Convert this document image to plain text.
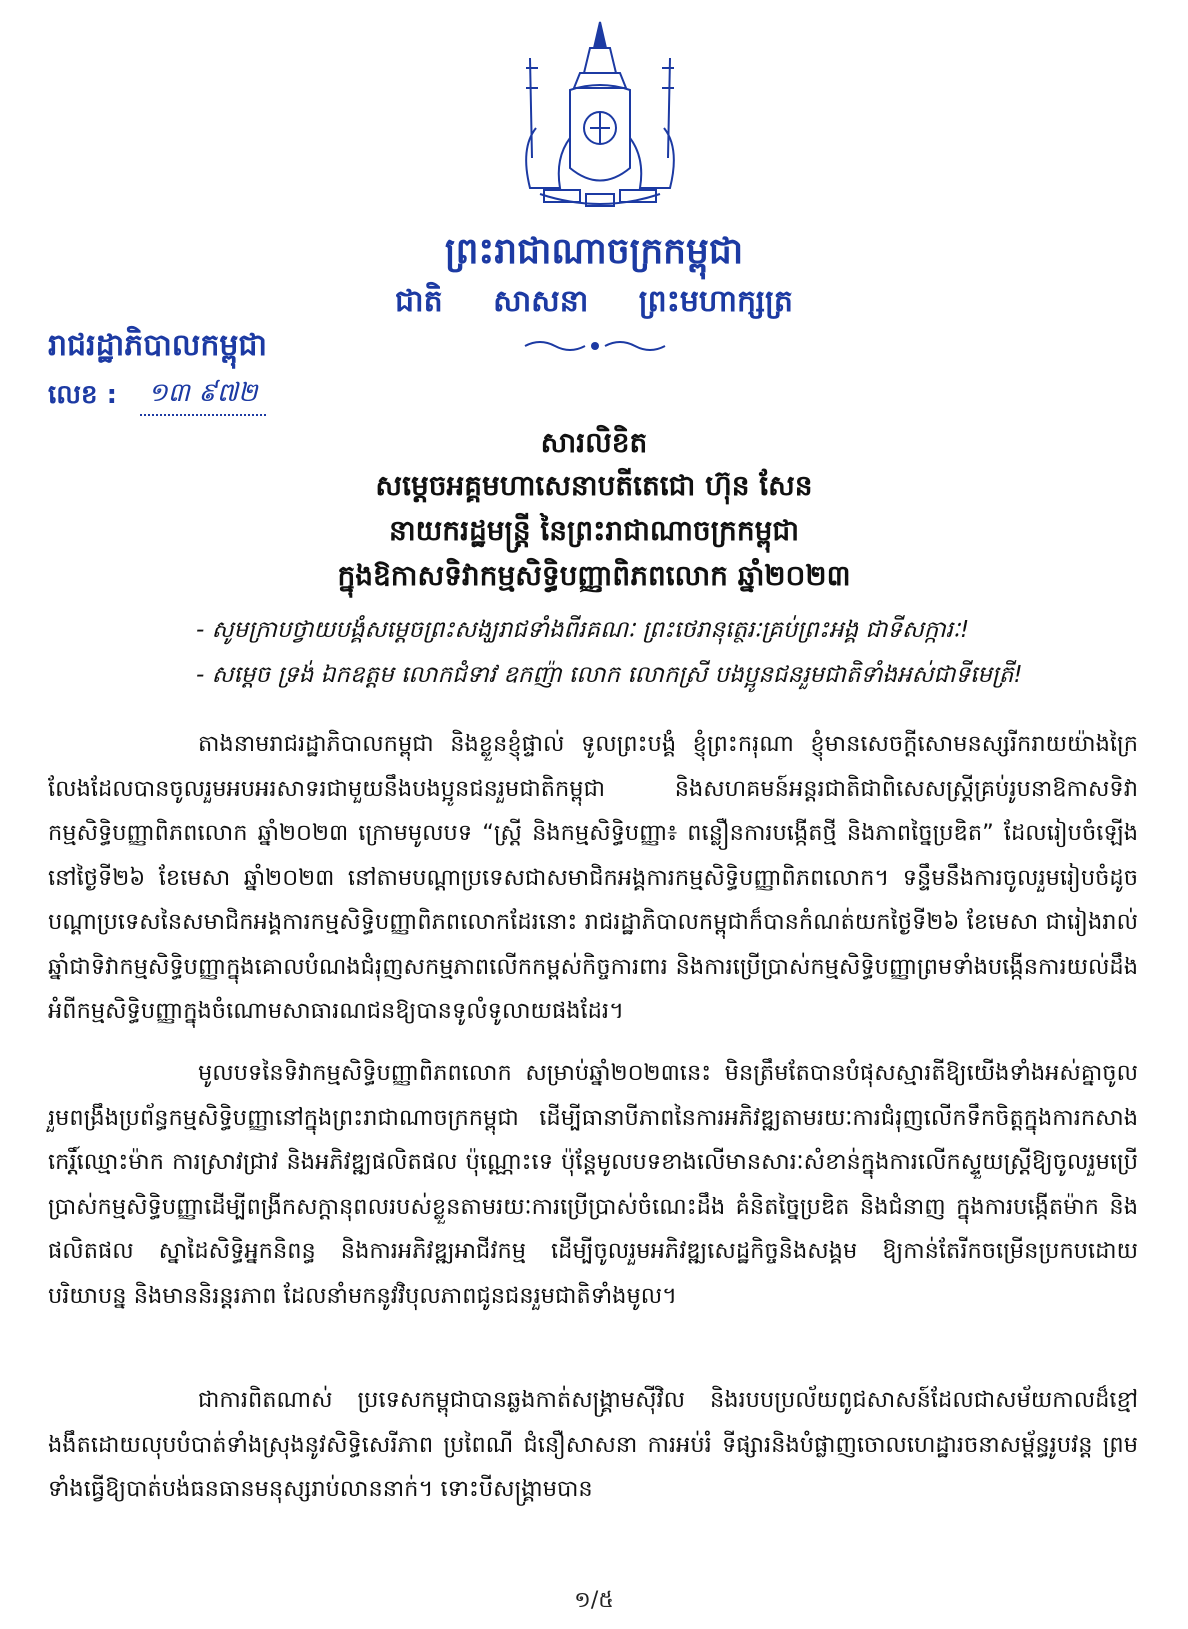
ព្រះរាជាណាចក្រកម្ពុជា
ជាតិ សាសនា ព្រះមហាក្សត្រ
រាជរដ្ឋាភិបាលកម្ពុជា
លេខ :	១៣ ៩៧២
សារលិខិត
សម្តេចអគ្គមហាសេនាបតីតេជោ ហ៊ុន សែន
នាយករដ្ឋមន្ត្រី នៃព្រះរាជាណាចក្រកម្ពុជា
ក្នុងឱកាសទិវាកម្មសិទ្ធិបញ្ញាពិភពលោក ឆ្នាំ២០២៣
- សូមក្រាបថ្វាយបង្គំសម្តេចព្រះសង្ឃរាជទាំងពីរគណៈ ព្រះថេរានុត្ថេរៈគ្រប់ព្រះអង្គ ជាទីសក្ការៈ!
- សម្តេច ទ្រង់ ឯកឧត្តម លោកជំទាវ ឧកញ៉ា លោក លោកស្រី បងប្អូនជនរួមជាតិទាំងអស់ជាទីមេត្រី!
តាងនាមរាជរដ្ឋាភិបាលកម្ពុជា និងខ្លួនខ្ញុំផ្ទាល់ ទូលព្រះបង្គំ ខ្ញុំព្រះករុណា ខ្ញុំមានសេចក្តីសោមនស្សរីករាយយ៉ាងក្រៃលែងដែលបានចូលរួមអបអរសាទរជាមួយនឹងបងប្អូនជនរួមជាតិកម្ពុជា និងសហគមន៍អន្តរជាតិជាពិសេសស្ត្រីគ្រប់រូបនាឱកាសទិវាកម្មសិទ្ធិបញ្ញាពិភពលោក ឆ្នាំ២០២៣ ក្រោមមូលបទ “ស្ត្រី និងកម្មសិទ្ធិបញ្ញា៖ ពន្លឿនការបង្កើតថ្មី និងភាពច្នៃប្រឌិត” ដែលរៀបចំឡើងនៅថ្ងៃទី២៦ ខែមេសា ឆ្នាំ២០២៣ នៅតាមបណ្តាប្រទេសជាសមាជិកអង្គការកម្មសិទ្ធិបញ្ញាពិភពលោក។ ទន្ទឹមនឹងការចូលរួមរៀបចំដូចបណ្តាប្រទេសនៃសមាជិកអង្គការកម្មសិទ្ធិបញ្ញាពិភពលោកដែរនោះ រាជរដ្ឋាភិបាលកម្ពុជាក៏បានកំណត់យកថ្ងៃទី២៦ ខែមេសា ជារៀងរាល់ឆ្នាំជាទិវាកម្មសិទ្ធិបញ្ញាក្នុងគោលបំណងជំរុញសកម្មភាពលើកកម្ពស់កិច្ចការពារ និងការប្រើប្រាស់កម្មសិទ្ធិបញ្ញាព្រមទាំងបង្កើនការយល់ដឹងអំពីកម្មសិទ្ធិបញ្ញាក្នុងចំណោមសាធារណជនឱ្យបានទូលំទូលាយផងដែរ។
មូលបទនៃទិវាកម្មសិទ្ធិបញ្ញាពិភពលោក សម្រាប់ឆ្នាំ២០២៣នេះ មិនត្រឹមតែបានបំផុសស្មារតីឱ្យយើងទាំងអស់គ្នាចូលរួមពង្រឹងប្រព័ន្ធកម្មសិទ្ធិបញ្ញានៅក្នុងព្រះរាជាណាចក្រកម្ពុជា ដើម្បីធានាបីភាពនៃការអភិវឌ្ឍតាមរយៈការជំរុញលើកទឹកចិត្តក្នុងការកសាងកេរ្តិ៍ឈ្មោះម៉ាក ការស្រាវជ្រាវ និងអភិវឌ្ឍផលិតផល ប៉ុណ្ណោះទេ ប៉ុន្តែមូលបទខាងលើមានសារៈសំខាន់ក្នុងការលើកស្ទួយស្ត្រីឱ្យចូលរួមប្រើប្រាស់កម្មសិទ្ធិបញ្ញាដើម្បីពង្រីកសក្តានុពលរបស់ខ្លួនតាមរយៈការប្រើប្រាស់ចំណេះដឹង គំនិតច្នៃប្រឌិត និងជំនាញ ក្នុងការបង្កើតម៉ាក និងផលិតផល ស្នាដៃសិទ្ធិអ្នកនិពន្ធ និងការអភិវឌ្ឍអាជីវកម្ម ដើម្បីចូលរួមអភិវឌ្ឍសេដ្ឋកិច្ចនិងសង្គម ឱ្យកាន់តែរីកចម្រើនប្រកបដោយបរិយាបន្ន និងមាននិរន្តរភាព ដែលនាំមកនូវវិបុលភាពជូនជនរួមជាតិទាំងមូល។
ជាការពិតណាស់ ប្រទេសកម្ពុជាបានឆ្លងកាត់សង្គ្រាមស៊ីវិល និងរបបប្រល័យពូជសាសន៍ដែលជាសម័យកាលដ៏ខ្មៅងងឹតដោយលុបបំបាត់ទាំងស្រុងនូវសិទ្ធិសេរីភាព ប្រពៃណី ជំនឿសាសនា ការអប់រំ ទីផ្សារនិងបំផ្លាញចោលហេដ្ឋារចនាសម្ព័ន្ធរូបវន្ត ព្រមទាំងធ្វើឱ្យបាត់បង់ធនធានមនុស្សរាប់លាននាក់។ ទោះបីសង្គ្រាមបាន
១/៥
